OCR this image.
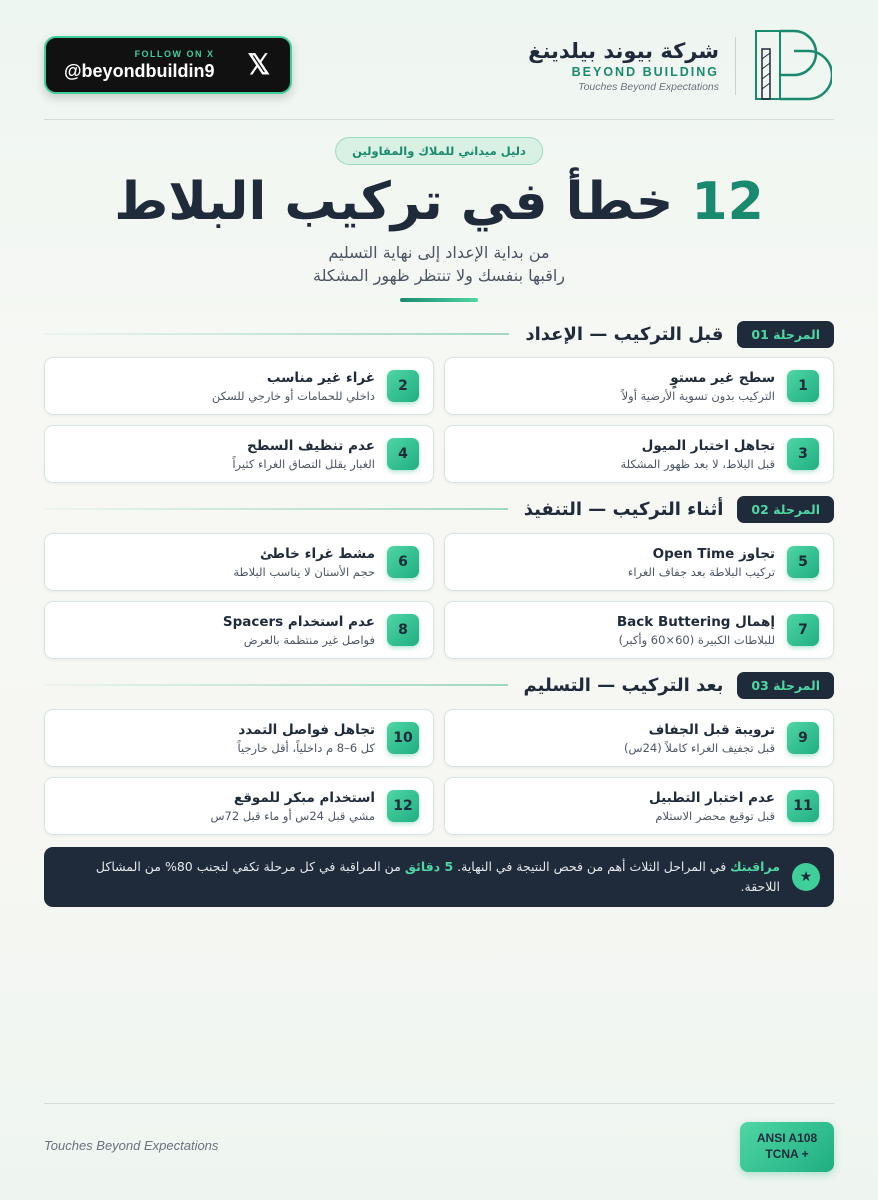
FOLLOW ON X
@beyondbuildin9 𝕏	شركة بيوند بيلدينغ
BEYOND BUILDING
Touches Beyond Expectations
دليل ميداني للملاك والمقاولين
12 خطأ في تركيب البلاط
من بداية الإعداد إلى نهاية التسليم
راقبها بنفسك ولا تنتظر ظهور المشكلة
المرحلة 01
قبل التركيب — الإعداد
1
سطح غير مستوٍ
التركيب بدون تسوية الأرضية أولاً
2
غراء غير مناسب
داخلي للحمامات أو خارجي للسكن
3
تجاهل اختبار الميول
قبل البلاط، لا بعد ظهور المشكلة
4
عدم تنظيف السطح
الغبار يقلل التصاق الغراء كثيراً
المرحلة 02
أثناء التركيب — التنفيذ
5
تجاوز Open Time
تركيب البلاطة بعد جفاف الغراء
6
مشط غراء خاطئ
حجم الأسنان لا يناسب البلاطة
7
إهمال Back Buttering
للبلاطات الكبيرة (60×60 وأكبر)
8
عدم استخدام Spacers
فواصل غير منتظمة بالعرض
المرحلة 03
بعد التركيب — التسليم
9
ترويبة قبل الجفاف
قبل تجفيف الغراء كاملاً (24س)
10
تجاهل فواصل التمدد
كل 6–8 م داخلياً، أقل خارجياً
11
عدم اختبار التطبيل
قبل توقيع محضر الاستلام
12
استخدام مبكر للموقع
مشي قبل 24س أو ماء قبل 72س
★
مراقبتك في المراحل الثلاث أهم من فحص النتيجة في النهاية. 5 دقائق من المراقبة في كل مرحلة تكفي لتجنب 80% من المشاكل اللاحقة.
Touches Beyond Expectations	ANSI A108
TCNA +
